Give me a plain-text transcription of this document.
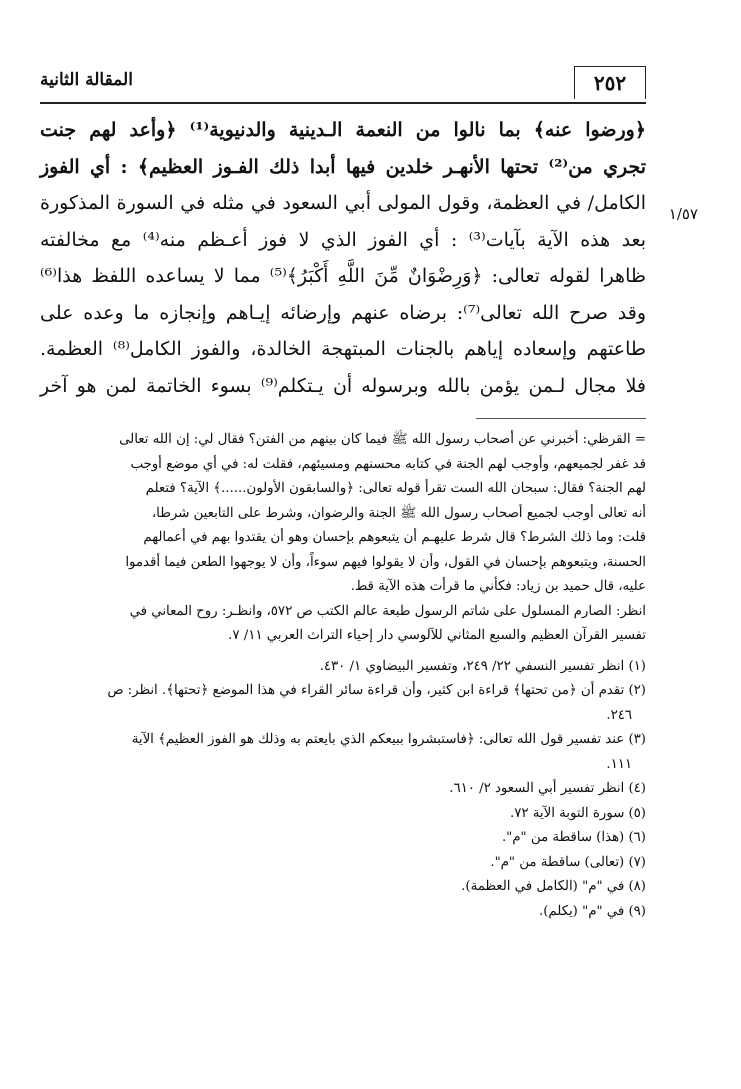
٢٥٢
المقالة الثانية
١/٥٧
﴿ورضوا عنه﴾ بما نالوا من النعمة الـدينية والدنيوية⁽¹⁾ ﴿وأعد لهم جنت
تجري من⁽²⁾ تحتها الأنهـر خلدين فيها أبدا ذلك الفـوز العظيم﴾ : أي الفوز
الكامل/ في العظمة، وقول المولى أبي السعود في مثله في السورة المذكورة
بعد هذه الآية بآيات⁽³⁾ : أي الفوز الذي لا فوز أعـظم منه⁽⁴⁾ مع مخالفته
ظاهرا لقوله تعالى: ﴿وَرِضْوَانٌ مِّنَ اللَّهِ أَكْبَرُ﴾⁽⁵⁾ مما لا يساعده اللفظ هذا⁽⁶⁾
وقد صرح الله تعالى⁽⁷⁾: برضاه عنهم وإرضائه إيـاهم وإنجازه ما وعده على
طاعتهم وإسعاده إياهم بالجنات المبتهجة الخالدة، والفوز الكامل⁽⁸⁾ العظمة.
فلا مجال لـمن يؤمن بالله وبرسوله أن يـتكلم⁽⁹⁾ بسوء الخاتمة لمن هو آخر
= القرظي: أخبرني عن أصحاب رسول الله ﷺ فيما كان بينهم من الفتن؟ فقال لي: إن الله تعالى
قد غفر لجميعهم، وأوجب لهم الجنة في كتابه محسنهم ومسيئهم، فقلت له: في أي موضع أوجب
لهم الجنة؟ فقال: سبحان الله الست تقرأ قوله تعالى: ﴿والسابقون الأولون......﴾ الآية؟ فتعلم
أنه تعالى أوجب لجميع أصحاب رسول الله ﷺ الجنة والرضوان، وشرط على التابعين شرطا،
قلت: وما ذلك الشرط؟ قال شرط عليهـم أن يتبعوهم بإحسان وهو أن يقتدوا بهم في أعمالهم
الحسنة، ويتبعوهم بإحسان في القول، وأن لا يقولوا فيهم سوءاً، وأن لا يوجهوا الطعن فيما أقدموا
عليه، قال حميد بن زياد: فكأني ما قرأت هذه الآية قط.
انظر: الصارم المسلول على شاتم الرسول طبعة عالم الكتب ص ٥٧٢، وانظـر: روح المعاني في
تفسير القرآن العظيم والسبع المثاني للآلوسي دار إحياء التراث العربي ١١/ ٧.
(١) انظر تفسير النسفي ٢٢/ ٢٤٩، وتفسير البيضاوي ١/ ٤٣٠.
(٢) تقدم أن ﴿من تحتها﴾ قراءة ابن كثير، وأن قراءة سائر القراء في هذا الموضع ﴿تحتها﴾. انظر: ص
٢٤٦.
(٣) عند تفسير قول الله تعالى: ﴿فاستبشروا ببيعكم الذي بايعتم به وذلك هو الفوز العظيم﴾ الآية
١١١.
(٤) انظر تفسير أبي السعود ٢/ ٦١٠.
(٥) سورة التوبة الآية ٧٢.
(٦) (هذا) ساقطة من "م".
(٧) (تعالى) ساقطة من "م".
(٨) في "م" (الكامل في العظمة).
(٩) في "م" (يكلم).
